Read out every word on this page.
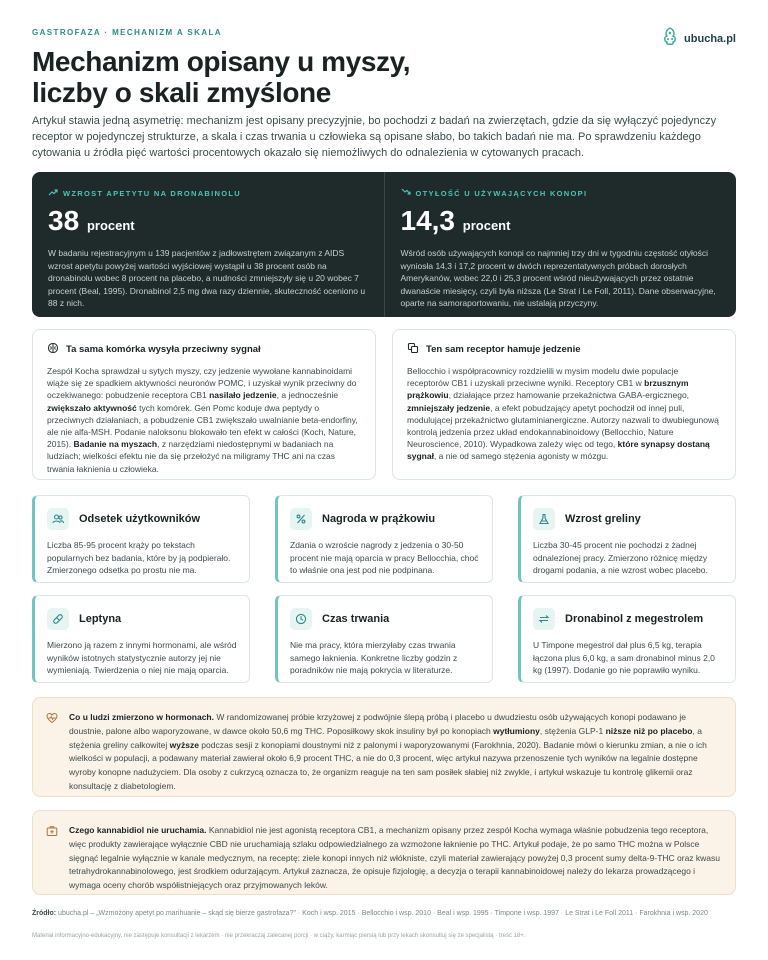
GASTROFAZA · MECHANIZM A SKALA	ubucha.pl
Mechanizm opisany u myszy,
liczby o skali zmyślone

Artykuł stawia jedną asymetrię: mechanizm jest opisany precyzyjnie, bo pochodzi z badań na zwierzętach, gdzie da się wyłączyć pojedynczy receptor w pojedynczej strukturze, a skala i czas trwania u człowieka są opisane słabo, bo takich badań nie ma. Po sprawdzeniu każdego cytowania u źródła pięć wartości procentowych okazało się niemożliwych do odnalezienia w cytowanych pracach.

WZROST APETYTU NA DRONABINOLU
38 procent

W badaniu rejestracyjnym u 139 pacjentów z jadłowstrętem związanym z AIDS wzrost apetytu powyżej wartości wyjściowej wystąpił u 38 procent osób na dronabinolu wobec 8 procent na placebo, a nudności zmniejszyły się u 20 wobec 7 procent (Beal, 1995). Dronabinol 2,5 mg dwa razy dziennie, skuteczność oceniono u 88 z nich.

OTYŁOŚĆ U UŻYWAJĄCYCH KONOPI
14,3 procent

Wśród osób używających konopi co najmniej trzy dni w tygodniu częstość otyłości wyniosła 14,3 i 17,2 procent w dwóch reprezentatywnych próbach dorosłych Amerykanów, wobec 22,0 i 25,3 procent wśród nieużywających przez ostatnie dwanaście miesięcy, czyli była niższa (Le Strat i Le Foll, 2011). Dane obserwacyjne, oparte na samoraportowaniu, nie ustalają przyczyny.

Ta sama komórka wysyła przeciwny sygnał

Zespół Kocha sprawdzał u sytych myszy, czy jedzenie wywołane kannabinoidami wiąże się ze spadkiem aktywności neuronów POMC, i uzyskał wynik przeciwny do oczekiwanego: pobudzenie receptora CB1 nasilało jedzenie, a jednocześnie zwiększało aktywność tych komórek. Gen Pomc koduje dwa peptydy o przeciwnych działaniach, a pobudzenie CB1 zwiększało uwalnianie beta-endorfiny, ale nie alfa-MSH. Podanie naloksonu blokowało ten efekt w całości (Koch, Nature, 2015). Badanie na myszach, z narzędziami niedostępnymi w badaniach na ludziach; wielkości efektu nie da się przełożyć na miligramy THC ani na czas trwania łaknienia u człowieka.

Ten sam receptor hamuje jedzenie

Bellocchio i współpracownicy rozdzielili w mysim modelu dwie populacje receptorów CB1 i uzyskali przeciwne wyniki. Receptory CB1 w brzusznym prążkowiu, działające przez hamowanie przekaźnictwa GABA-ergicznego, zmniejszały jedzenie, a efekt pobudzający apetyt pochodził od innej puli, modulującej przekaźnictwo glutaminianergiczne. Autorzy nazwali to dwubiegunową kontrolą jedzenia przez układ endokannabinoidowy (Bellocchio, Nature Neuroscience, 2010). Wypadkowa zależy więc od tego, które synapsy dostaną sygnał, a nie od samego stężenia agonisty w mózgu.

Odsetek użytkowników

Liczba 85-95 procent krąży po tekstach popularnych bez badania, które by ją podpierało. Zmierzonego odsetka po prostu nie ma.

Nagroda w prążkowiu

Zdania o wzroście nagrody z jedzenia o 30-50 procent nie mają oparcia w pracy Bellocchia, choć to właśnie ona jest pod nie podpinana.

Wzrost greliny

Liczba 30-45 procent nie pochodzi z żadnej odnalezionej pracy. Zmierzono różnicę między drogami podania, a nie wzrost wobec placebo.

Leptyna

Mierzono ją razem z innymi hormonami, ale wśród wyników istotnych statystycznie autorzy jej nie wymieniają. Twierdzenia o niej nie mają oparcia.

Czas trwania

Nie ma pracy, która mierzyłaby czas trwania samego łaknienia. Konkretne liczby godzin z poradników nie mają pokrycia w literaturze.

Dronabinol z megestrolem

U Timpone megestrol dał plus 6,5 kg, terapia łączona plus 6,0 kg, a sam dronabinol minus 2,0 kg (1997). Dodanie go nie poprawiło wyniku.

Co u ludzi zmierzono w hormonach. W randomizowanej próbie krzyżowej z podwójnie ślepą próbą i placebo u dwudziestu osób używających konopi podawano je doustnie, palone albo waporyzowane, w dawce około 50,6 mg THC. Poposiłkowy skok insuliny był po konopiach wytłumiony, stężenia GLP-1 niższe niż po placebo, a stężenia greliny całkowitej wyższe podczas sesji z konopiami doustnymi niż z palonymi i waporyzowanymi (Farokhnia, 2020). Badanie mówi o kierunku zmian, a nie o ich wielkości w populacji, a podawany materiał zawierał około 6,9 procent THC, a nie do 0,3 procent, więc artykuł nazywa przenoszenie tych wyników na legalnie dostępne wyroby konopne nadużyciem. Dla osoby z cukrzycą oznacza to, że organizm reaguje na ten sam posiłek słabiej niż zwykle, i artykuł wskazuje tu kontrolę glikemii oraz konsultację z diabetologiem.

Czego kannabidiol nie uruchamia. Kannabidiol nie jest agonistą receptora CB1, a mechanizm opisany przez zespół Kocha wymaga właśnie pobudzenia tego receptora, więc produkty zawierające wyłącznie CBD nie uruchamiają szlaku odpowiedzialnego za wzmożone łaknienie po THC. Artykuł podaje, że po samo THC można w Polsce sięgnąć legalnie wyłącznie w kanale medycznym, na receptę: ziele konopi innych niż włókniste, czyli materiał zawierający powyżej 0,3 procent sumy delta-9-THC oraz kwasu tetrahydrokannabinolowego, jest środkiem odurzającym. Artykuł zaznacza, że opisuje fizjologię, a decyzja o terapii kannabinoidowej należy do lekarza prowadzącego i wymaga oceny chorób współistniejących oraz przyjmowanych leków.

Źródło: ubucha.pl – „Wzmożony apetyt po marihuanie – skąd się bierze gastrofaza?" · Koch i wsp. 2015 · Bellocchio i wsp. 2010 · Beal i wsp. 1995 · Timpone i wsp. 1997 · Le Strat i Le Foll 2011 · Farokhnia i wsp. 2020

Materiał informacyjno-edukacyjny, nie zastępuje konsultacji z lekarzem · nie przekraczaj zalecanej porcji · w ciąży, karmiąc piersią lub przy lekach skonsultuj się ze specjalistą · treść 18+.
